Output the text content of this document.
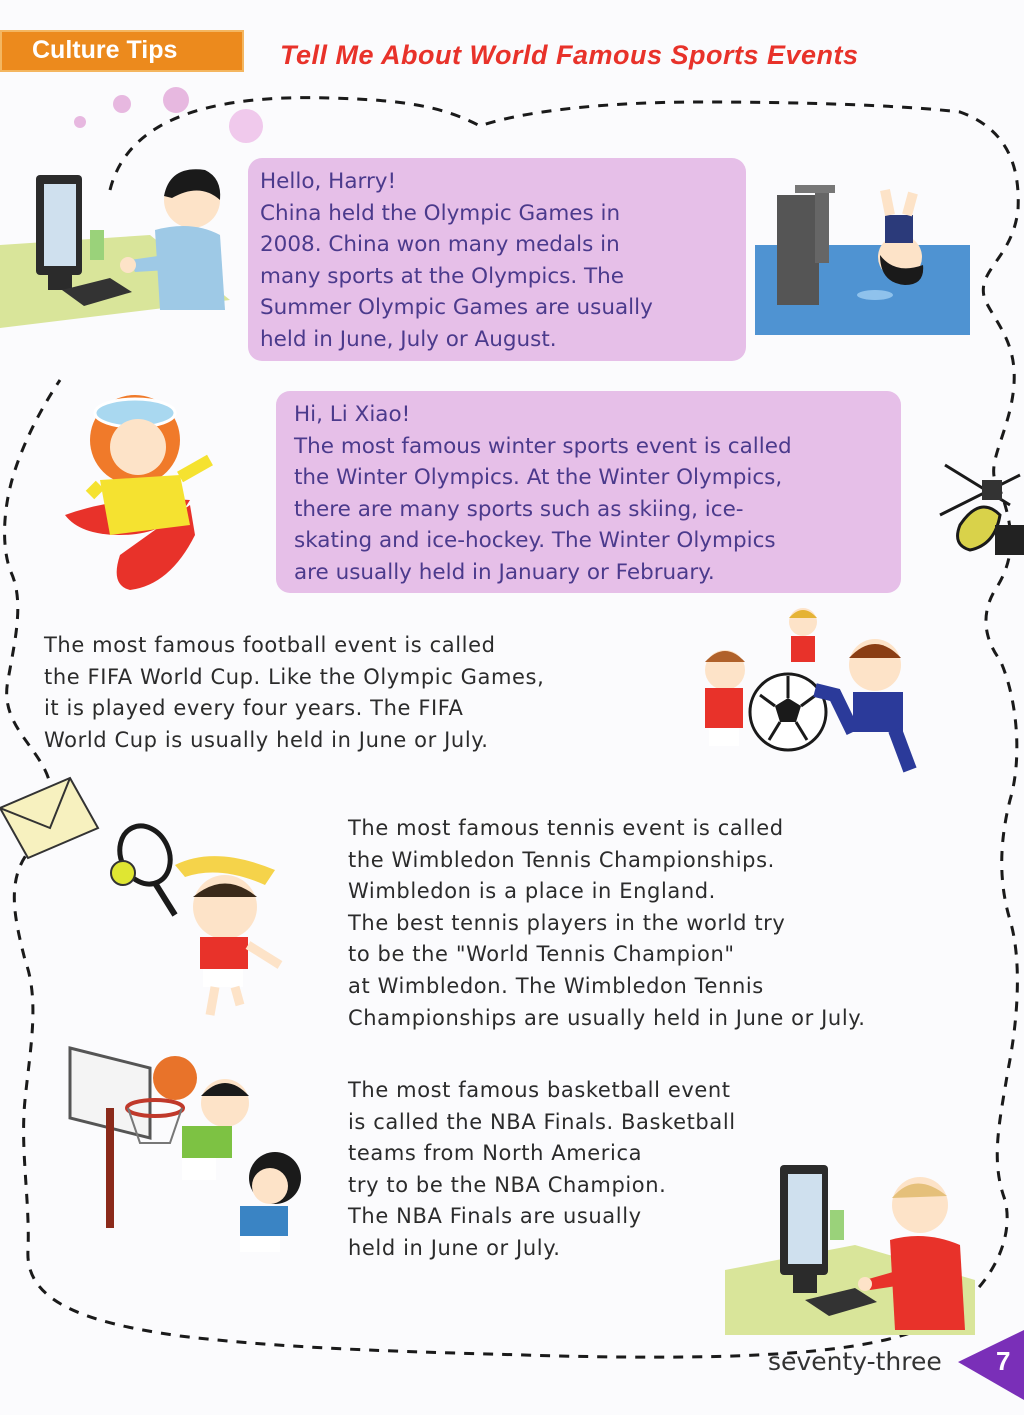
Culture Tips	Tell Me About World Famous Sports Events

Hello, Harry!

China held the Olympic Games in

2008. China won many medals in

many sports at the Olympics. The

Summer Olympic Games are usually

held in June, July or August.

Hi, Li Xiao!

The most famous winter sports event is called

the Winter Olympics. At the Winter Olympics,

there are many sports such as skiing, ice-

skating and ice-hockey. The Winter Olympics

are usually held in January or February.

The most famous football event is called

the FIFA World Cup. Like the Olympic Games,

it is played every four years. The FIFA

World Cup is usually held in June or July.

The most famous tennis event is called

the Wimbledon Tennis Championships.

Wimbledon is a place in England.

The best tennis players in the world try

to be the "World Tennis Champion"

at Wimbledon. The Wimbledon Tennis

Championships are usually held in June or July.

The most famous basketball event

is called the NBA Finals. Basketball

teams from North America

try to be the NBA Champion.

The NBA Finals are usually

held in June or July.

seventy-three 7
